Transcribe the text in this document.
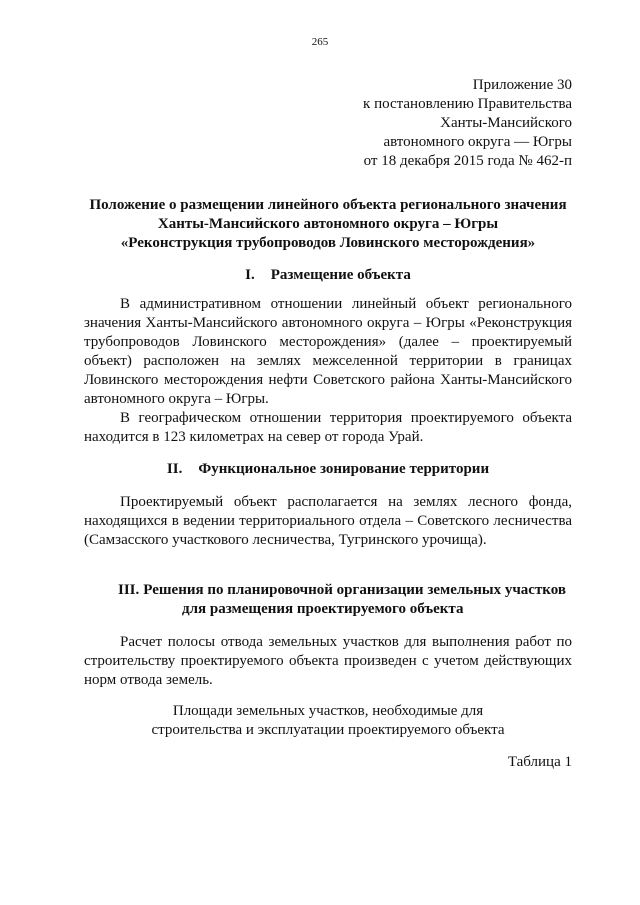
265
Приложение 30
к постановлению Правительства
Ханты-Мансийского
автономного округа — Югры
от 18 декабря 2015 года № 462-п
Положение о размещении линейного объекта регионального значения
Ханты-Мансийского автономного округа – Югры
«Реконструкция трубопроводов Ловинского месторождения»
I. Размещение объекта

В административном отношении линейный объект регионального значения Ханты-Мансийского автономного округа – Югры «Реконструкция трубопроводов Ловинского месторождения» (далее – проектируемый объект) расположен на землях межселенной территории в границах Ловинского месторождения нефти Советского района Ханты-Мансийского автономного округа – Югры.

В географическом отношении территория проектируемого объекта находится в 123 километрах на север от города Урай.

II. Функциональное зонирование территории

Проектируемый объект располагается на землях лесного фонда, находящихся в ведении территориального отдела – Советского лесничества (Самзасского участкового лесничества, Тугринского урочища).

III. Решения по планировочной организации земельных участков
для размещения проектируемого объекта

Расчет полосы отвода земельных участков для выполнения работ по строительству проектируемого объекта произведен с учетом действующих норм отвода земель.

Площади земельных участков, необходимые для
строительства и эксплуатации проектируемого объекта
Таблица 1
